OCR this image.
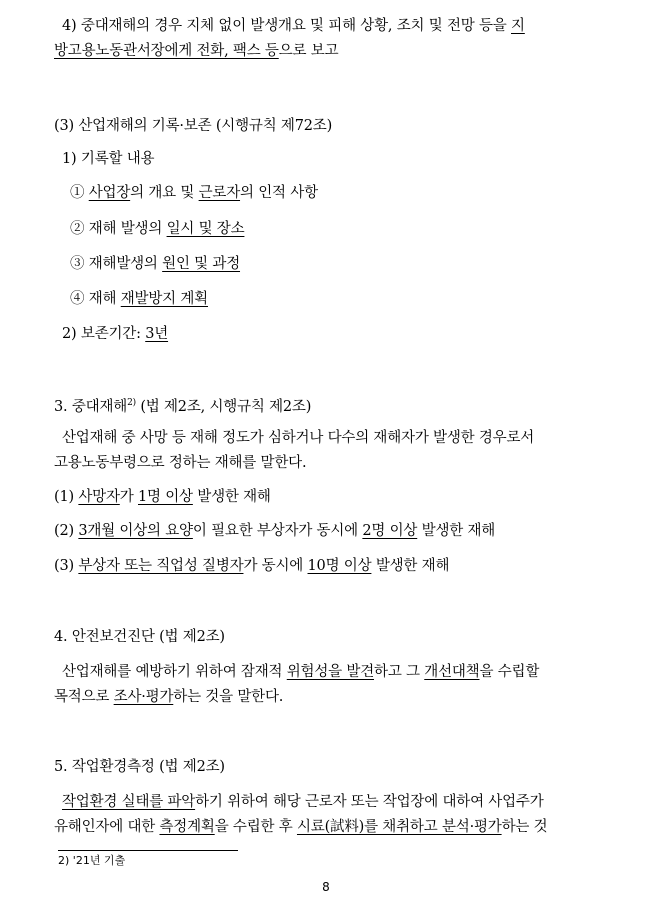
4) 중대재해의 경우 지체 없이 발생개요 및 피해 상황, 조치 및 전망 등을 지
방고용노동관서장에게 전화, 팩스 등으로 보고
(3) 산업재해의 기록·보존 (시행규칙 제72조)
1) 기록할 내용
① 사업장의 개요 및 근로자의 인적 사항
② 재해 발생의 일시 및 장소
③ 재해발생의 원인 및 과정
④ 재해 재발방지 계획
2) 보존기간: 3년
3. 중대재해$^{2)}$ (법 제2조, 시행규칙 제2조)
산업재해 중 사망 등 재해 정도가 심하거나 다수의 재해자가 발생한 경우로서
고용노동부령으로 정하는 재해를 말한다.
(1) 사망자가 1명 이상 발생한 재해
(2) 3개월 이상의 요양이 필요한 부상자가 동시에 2명 이상 발생한 재해
(3) 부상자 또는 직업성 질병자가 동시에 10명 이상 발생한 재해
4. 안전보건진단 (법 제2조)
산업재해를 예방하기 위하여 잠재적 위험성을 발견하고 그 개선대책을 수립할
목적으로 조사·평가하는 것을 말한다.
5. 작업환경측정 (법 제2조)
작업환경 실태를 파악하기 위하여 해당 근로자 또는 작업장에 대하여 사업주가
유해인자에 대한 측정계획을 수립한 후 시료(試料)를 채취하고 분석·평가하는 것
2) '21년 기출
8
